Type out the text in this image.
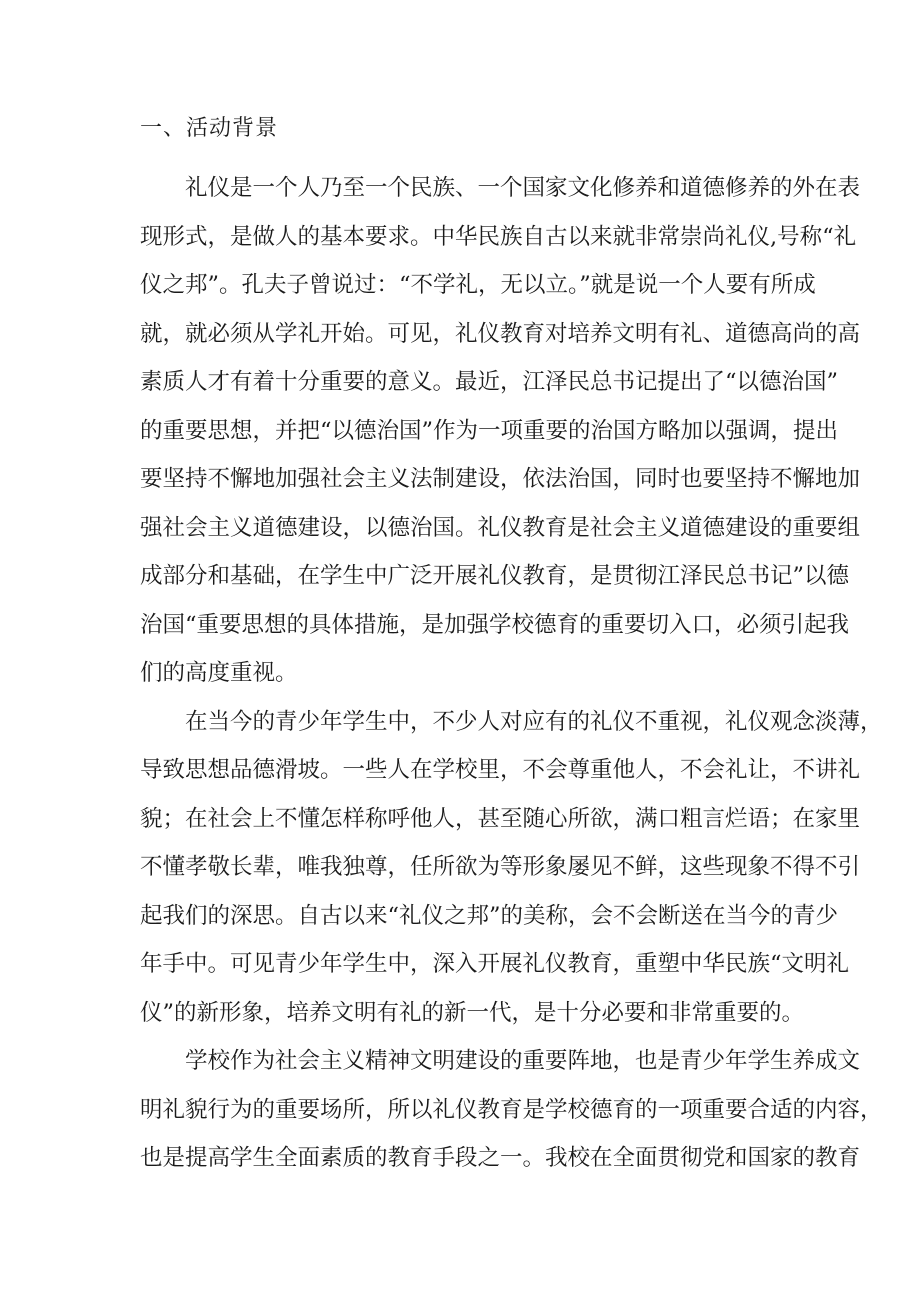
一、活动背景

礼仪是一个人乃至一个民族、一个国家文化修养和道德修养的外在表
现形式，是做人的基本要求。中华民族自古以来就非常崇尚礼仪,号称“礼
仪之邦”。孔夫子曾说过：“不学礼，无以立。”就是说一个人要有所成
就，就必须从学礼开始。可见，礼仪教育对培养文明有礼、道德高尚的高
素质人才有着十分重要的意义。最近，江泽民总书记提出了“以德治国”
的重要思想，并把“以德治国”作为一项重要的治国方略加以强调，提出
要坚持不懈地加强社会主义法制建设，依法治国，同时也要坚持不懈地加
强社会主义道德建设，以德治国。礼仪教育是社会主义道德建设的重要组
成部分和基础，在学生中广泛开展礼仪教育，是贯彻江泽民总书记”以德
治国“重要思想的具体措施，是加强学校德育的重要切入口，必须引起我
们的高度重视。

在当今的青少年学生中，不少人对应有的礼仪不重视，礼仪观念淡薄，
导致思想品德滑坡。一些人在学校里，不会尊重他人，不会礼让，不讲礼
貌；在社会上不懂怎样称呼他人，甚至随心所欲，满口粗言烂语；在家里
不懂孝敬长辈，唯我独尊，任所欲为等形象屡见不鲜，这些现象不得不引
起我们的深思。自古以来“礼仪之邦”的美称，会不会断送在当今的青少
年手中。可见青少年学生中，深入开展礼仪教育，重塑中华民族“文明礼
仪”的新形象，培养文明有礼的新一代，是十分必要和非常重要的。

学校作为社会主义精神文明建设的重要阵地，也是青少年学生养成文
明礼貌行为的重要场所，所以礼仪教育是学校德育的一项重要合适的内容，
也是提高学生全面素质的教育手段之一。我校在全面贯彻党和国家的教育
